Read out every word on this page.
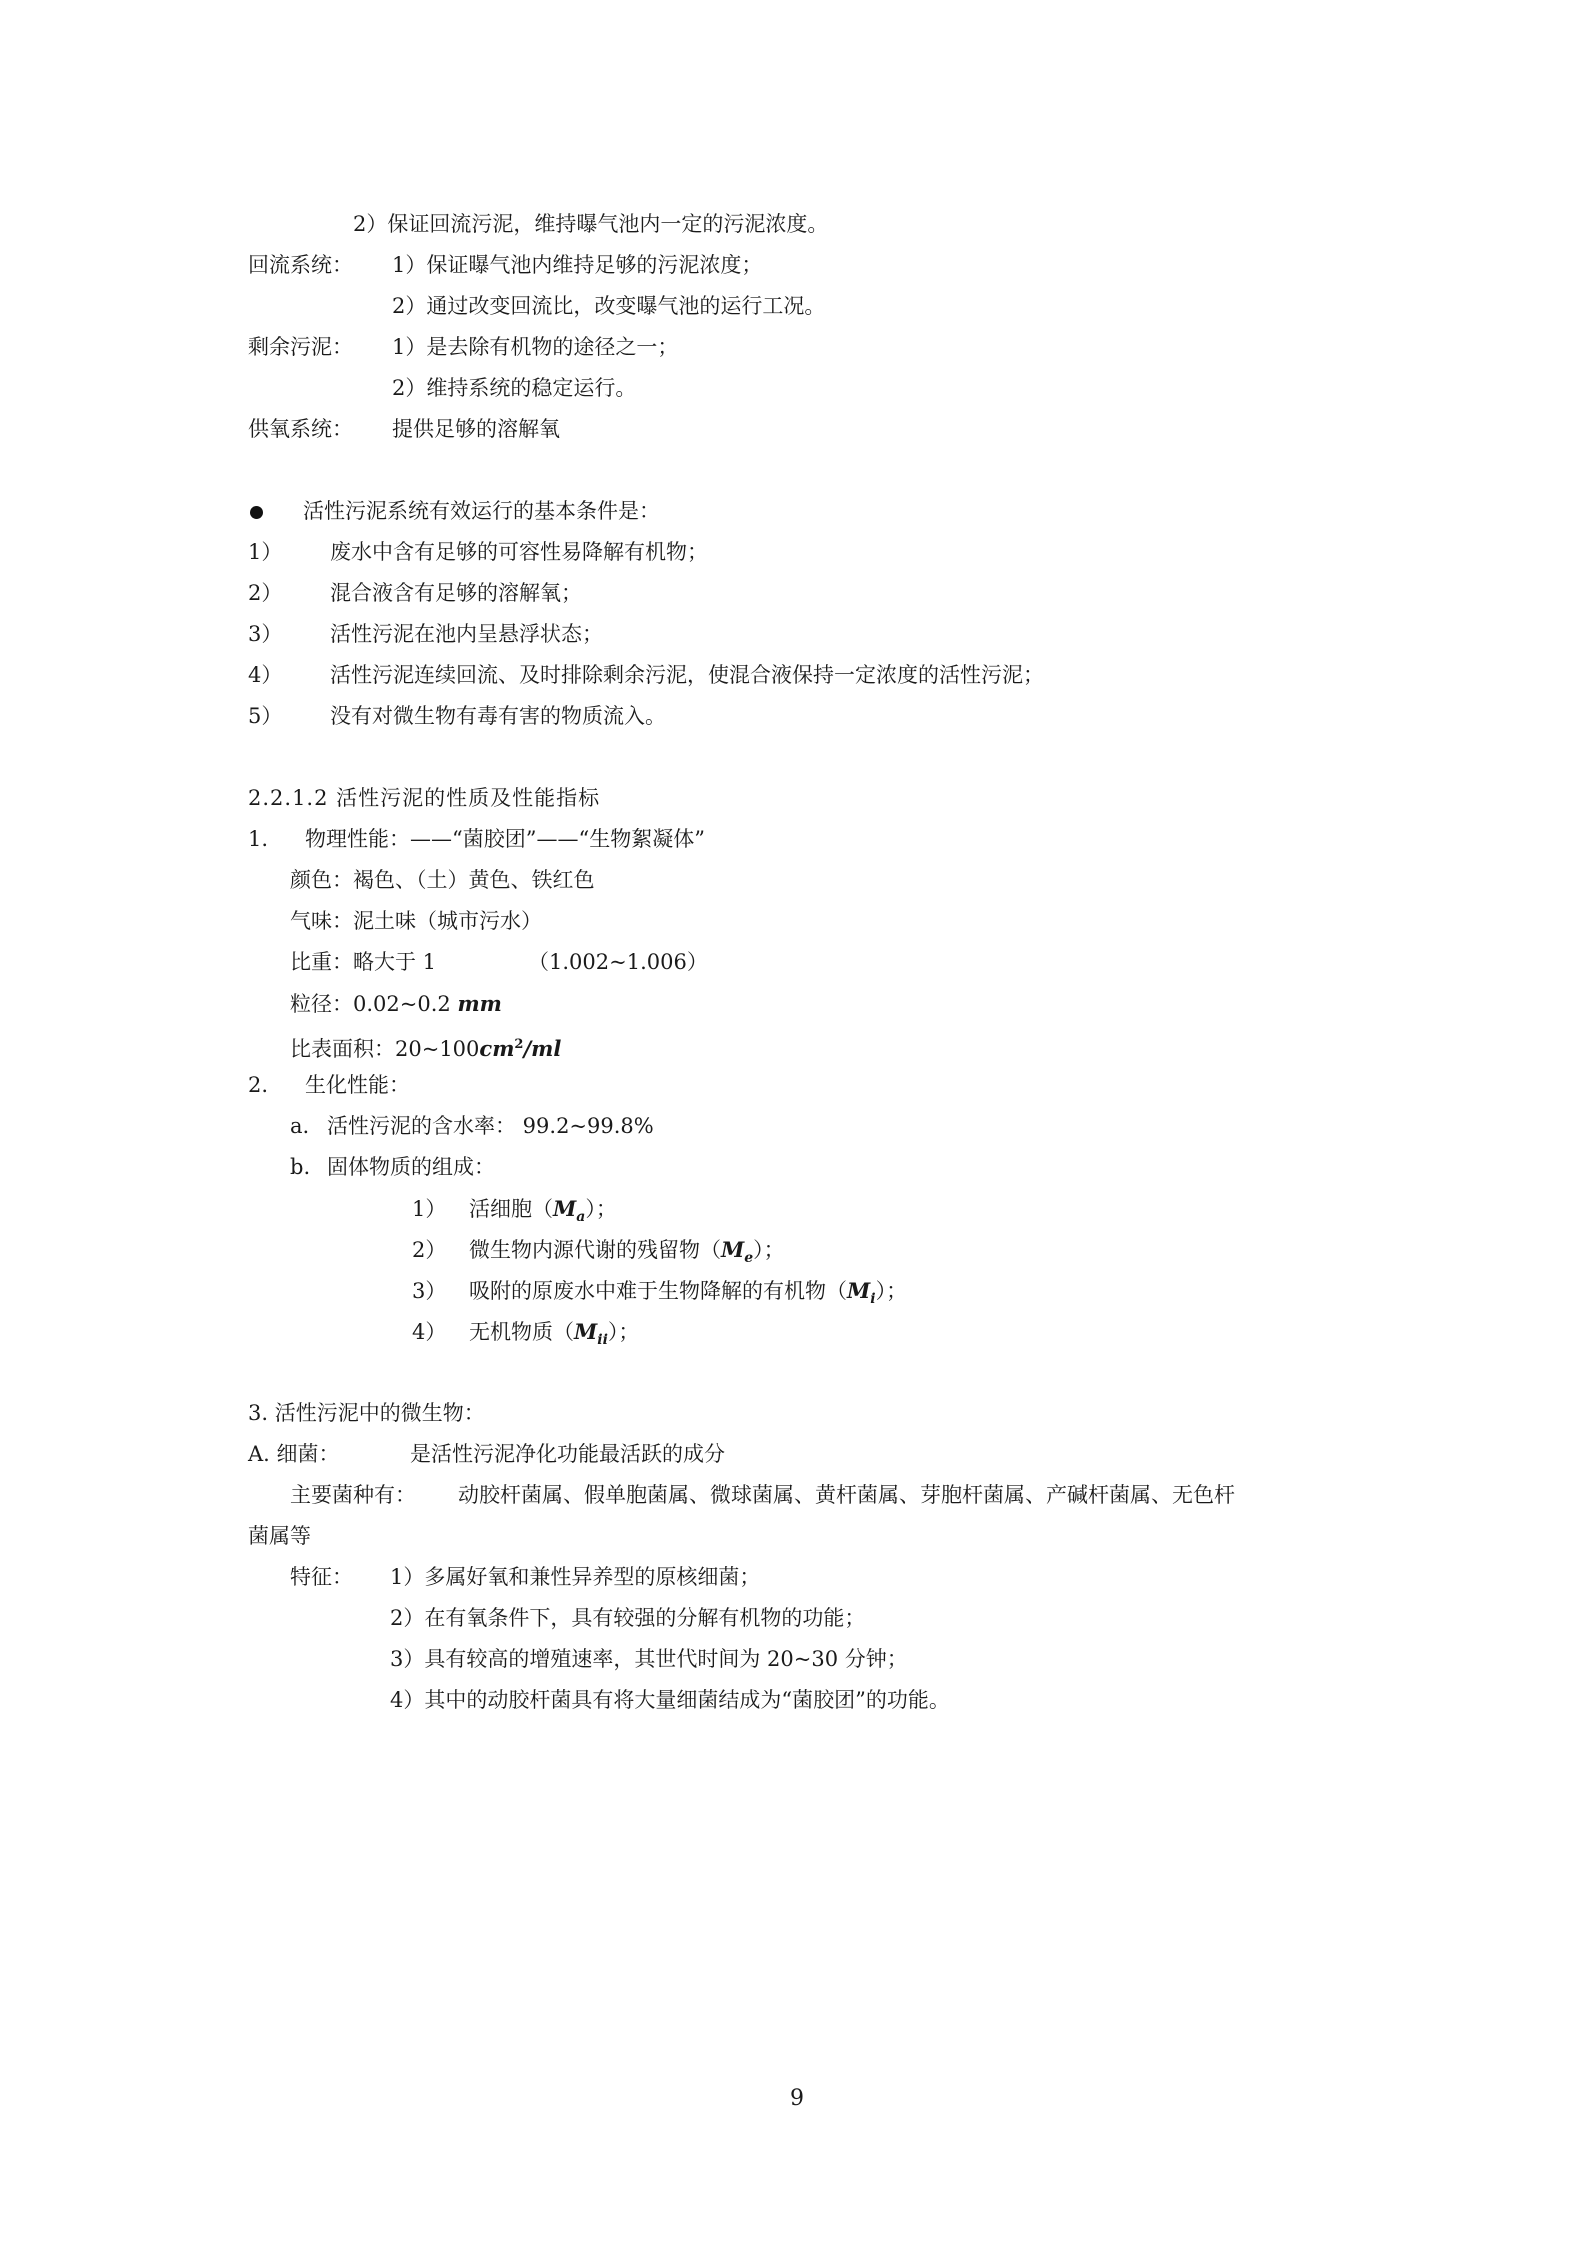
2）保证回流污泥，维持曝气池内一定的污泥浓度。
回流系统： 1）保证曝气池内维持足够的污泥浓度；
2）通过改变回流比，改变曝气池的运行工况。
剩余污泥： 1）是去除有机物的途径之一；
2）维持系统的稳定运行。
供氧系统： 提供足够的溶解氧
活性污泥系统有效运行的基本条件是：
1） 废水中含有足够的可容性易降解有机物；
2） 混合液含有足够的溶解氧；
3） 活性污泥在池内呈悬浮状态；
4） 活性污泥连续回流、及时排除剩余污泥，使混合液保持一定浓度的活性污泥；
5） 没有对微生物有毒有害的物质流入。
2.2.1.2 活性污泥的性质及性能指标
1. 物理性能：——“菌胶团”——“生物絮凝体”
颜色：褐色、（土）黄色、铁红色
气味：泥土味（城市污水）
比重：略大于 1	（1.002~1.006）
粒径：0.02~0.2 mm
比表面积：$20\sim 100cm^2/ml$
2. 生化性能：
a. 活性污泥的含水率： 99.2~99.8%
b. 固体物质的组成：
1） 活细胞$(M_a)$；
2） 微生物内源代谢的残留物$(M_e)$；
3） 吸附的原废水中难于生物降解的有机物$(M_i)$；
4） 无机物质$(M_{ii})$；
3. 活性污泥中的微生物：
A. 细菌：	是活性污泥净化功能最活跃的成分
主要菌种有： 动胶杆菌属、假单胞菌属、微球菌属、黄杆菌属、芽胞杆菌属、产碱杆菌属、无色杆
菌属等
特征： 1）多属好氧和兼性异养型的原核细菌；
2）在有氧条件下，具有较强的分解有机物的功能；
3）具有较高的增殖速率，其世代时间为 20~30 分钟；
4）其中的动胶杆菌具有将大量细菌结成为“菌胶团”的功能。
9
